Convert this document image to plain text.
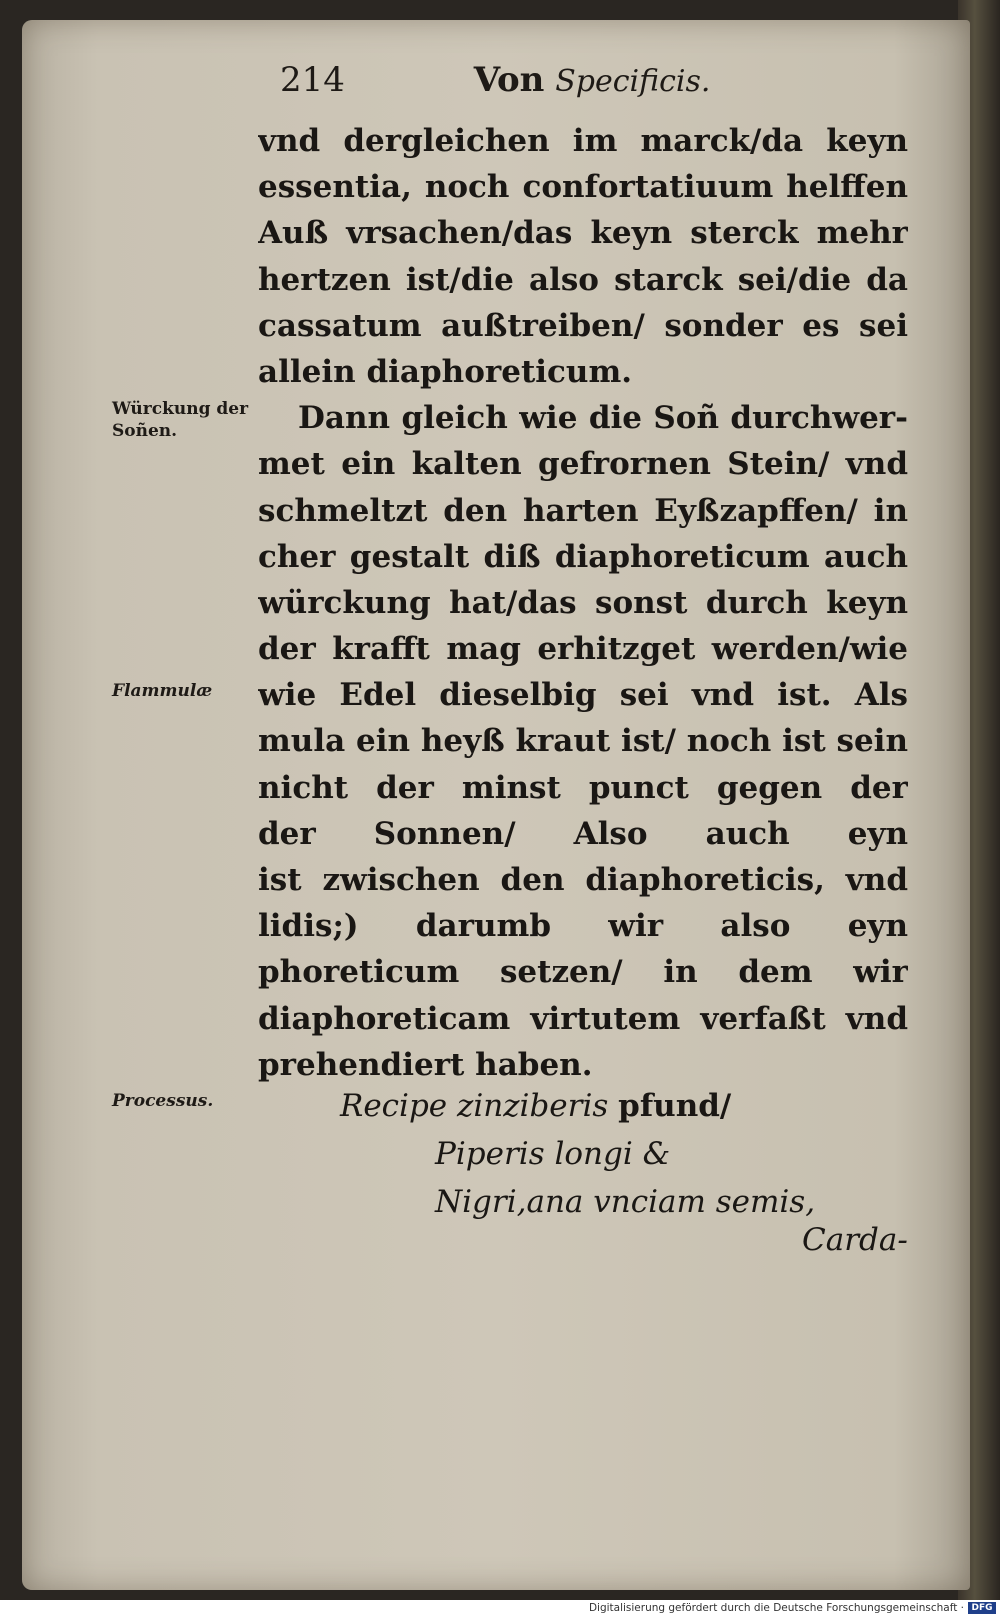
214	Von Specificis.
vnd dergleichen im marck/da keyn
essentia, noch confortatiuum helffen
Auß vrsachen/das keyn sterck mehr
hertzen ist/die also starck sei/die da
cassatum außtreiben/ sonder es sei
allein diaphoreticum.
Dann gleich wie die Soñ durchwer-
met ein kalten gefrornen Stein/ vnd
schmeltzt den harten Eyßzapffen/ in
cher gestalt diß diaphoreticum auch
würckung hat/das sonst durch keyn
der krafft mag erhitzget werden/wie
wie Edel dieselbig sei vnd ist. Als
mula ein heyß kraut ist/ noch ist sein
nicht der minst punct gegen der
der Sonnen/ Also auch eyn
ist zwischen den diaphoreticis, vnd
lidis;) darumb wir also eyn
phoreticum setzen/ in dem wir
diaphoreticam virtutem verfaßt vnd
prehendiert haben.
Würckung der Soñen.
Flammulæ
Processus.	Recipe zinziberis pfund/
Piperis longi &
Nigri,ana vnciam semis,
Carda-
Digitalisierung gefördert durch die Deutsche Forschungsgemeinschaft · DFG
